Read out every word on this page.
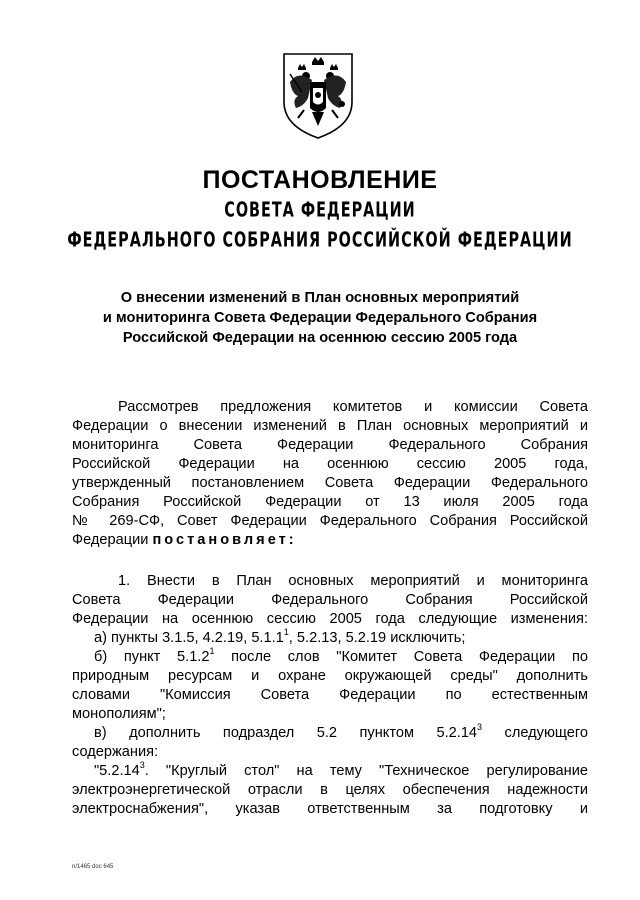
ПОСТАНОВЛЕНИЕ
СОВЕТА ФЕДЕРАЦИИ
ФЕДЕРАЛЬНОГО СОБРАНИЯ РОССИЙСКОЙ ФЕДЕРАЦИИ
О внесении изменений в План основных мероприятий
и мониторинга Совета Федерации Федерального Собрания
Российской Федерации на осеннюю сессию 2005 года
Рассмотрев предложения комитетов и комиссии Совета
Федерации о внесении изменений в План основных мероприятий и
мониторинга Совета Федерации Федерального Собрания
Российской Федерации на осеннюю сессию 2005 года,
утвержденный постановлением Совета Федерации Федерального
Собрания Российской Федерации от 13 июля 2005 года
№ 269-СФ, Совет Федерации Федерального Собрания Российской
Федерации постановляет:
1. Внести в План основных мероприятий и мониторинга
Совета Федерации Федерального Собрания Российской
Федерации на осеннюю сессию 2005 года следующие изменения:
а) пункты 3.1.5, 4.2.19, 5.1.1$^1$, 5.2.13, 5.2.19 исключить;
б) пункт 5.1.2$^1$ после слов "Комитет Совета Федерации по
природным ресурсам и охране окружающей среды" дополнить
словами "Комиссия Совета Федерации по естественным
монополиям";
в) дополнить подраздел 5.2 пунктом 5.2.14$^3$ следующего
содержания:
"5.2.14$^3$. "Круглый стол" на тему "Техническое регулирование
электроэнергетической отрасли в целях обеспечения надежности
электроснабжения", указав ответственным за подготовку и
n/1465 doc 645
